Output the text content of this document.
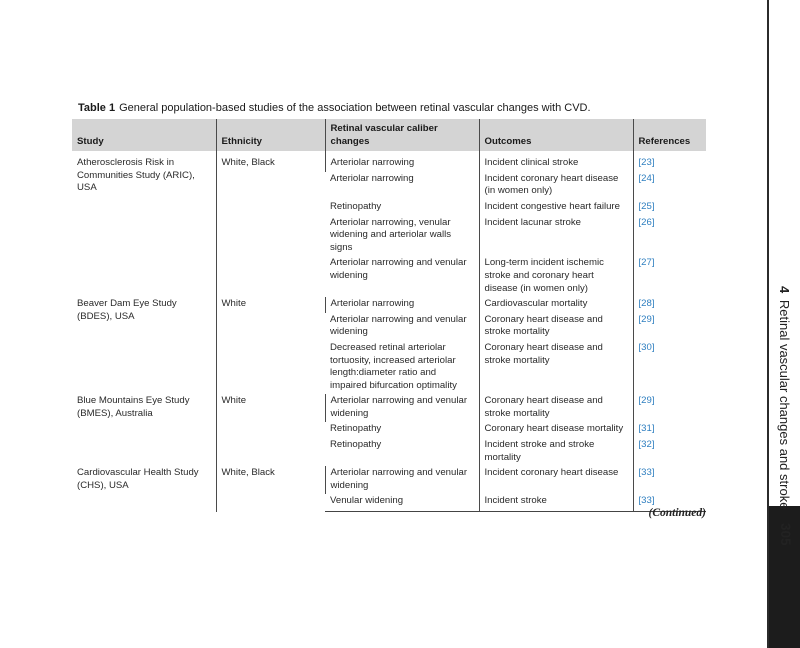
4 Retinal vascular changes and stroke
305
Table 1 General population-based studies of the association between retinal vascular changes with CVD.
Study	Ethnicity	Retinal vascular caliber changes	Outcomes	References
Atherosclerosis Risk in Communities Study (ARIC), USA	White, Black	Arteriolar narrowing	Incident clinical stroke	[23]
		Arteriolar narrowing	Incident coronary heart disease (in women only)	[24]
		Retinopathy	Incident congestive heart failure	[25]
		Arteriolar narrowing, venular widening and arteriolar walls signs	Incident lacunar stroke	[26]
		Arteriolar narrowing and venular widening	Long-term incident ischemic stroke and coronary heart disease (in women only)	[27]
Beaver Dam Eye Study (BDES), USA	White	Arteriolar narrowing	Cardiovascular mortality	[28]
		Arteriolar narrowing and venular widening	Coronary heart disease and stroke mortality	[29]
		Decreased retinal arteriolar tortuosity, increased arteriolar length:diameter ratio and impaired bifurcation optimality	Coronary heart disease and stroke mortality	[30]
Blue Mountains Eye Study (BMES), Australia	White	Arteriolar narrowing and venular widening	Coronary heart disease and stroke mortality	[29]
		Retinopathy	Coronary heart disease mortality	[31]
		Retinopathy	Incident stroke and stroke mortality	[32]
Cardiovascular Health Study (CHS), USA	White, Black	Arteriolar narrowing and venular widening	Incident coronary heart disease	[33]
		Venular widening	Incident stroke	[33]
(Continued)
